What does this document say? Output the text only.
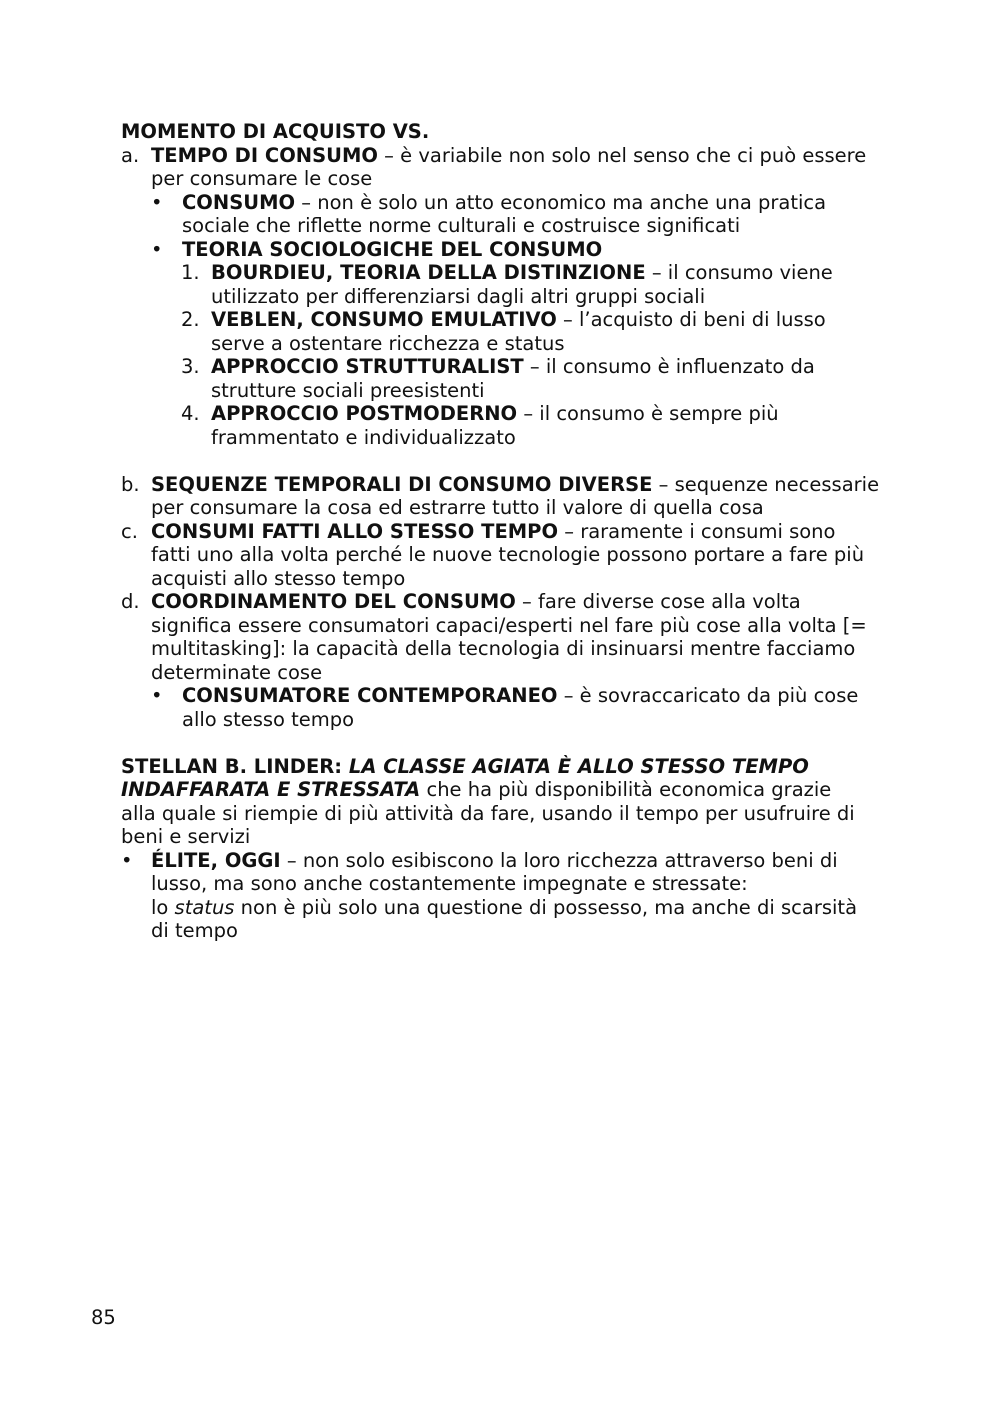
MOMENTO DI ACQUISTO VS.
a. TEMPO DI CONSUMO – è variabile non solo nel senso che ci può essere
per consumare le cose
• CONSUMO – non è solo un atto economico ma anche una pratica
sociale che riflette norme culturali e costruisce significati
• TEORIA SOCIOLOGICHE DEL CONSUMO
1. BOURDIEU, TEORIA DELLA DISTINZIONE – il consumo viene
utilizzato per differenziarsi dagli altri gruppi sociali
2. VEBLEN, CONSUMO EMULATIVO – l’acquisto di beni di lusso
serve a ostentare ricchezza e status
3. APPROCCIO STRUTTURALIST – il consumo è influenzato da
strutture sociali preesistenti
4. APPROCCIO POSTMODERNO – il consumo è sempre più
frammentato e individualizzato
b. SEQUENZE TEMPORALI DI CONSUMO DIVERSE – sequenze necessarie
per consumare la cosa ed estrarre tutto il valore di quella cosa
c. CONSUMI FATTI ALLO STESSO TEMPO – raramente i consumi sono
fatti uno alla volta perché le nuove tecnologie possono portare a fare più
acquisti allo stesso tempo
d. COORDINAMENTO DEL CONSUMO – fare diverse cose alla volta
significa essere consumatori capaci/esperti nel fare più cose alla volta [=
multitasking]: la capacità della tecnologia di insinuarsi mentre facciamo
determinate cose
• CONSUMATORE CONTEMPORANEO – è sovraccaricato da più cose
allo stesso tempo
STELLAN B. LINDER: LA CLASSE AGIATA È ALLO STESSO TEMPO
INDAFFARATA E STRESSATA che ha più disponibilità economica grazie
alla quale si riempie di più attività da fare, usando il tempo per usufruire di
beni e servizi
• ÉLITE, OGGI – non solo esibiscono la loro ricchezza attraverso beni di
lusso, ma sono anche costantemente impegnate e stressate:
lo status non è più solo una questione di possesso, ma anche di scarsità
di tempo
85
